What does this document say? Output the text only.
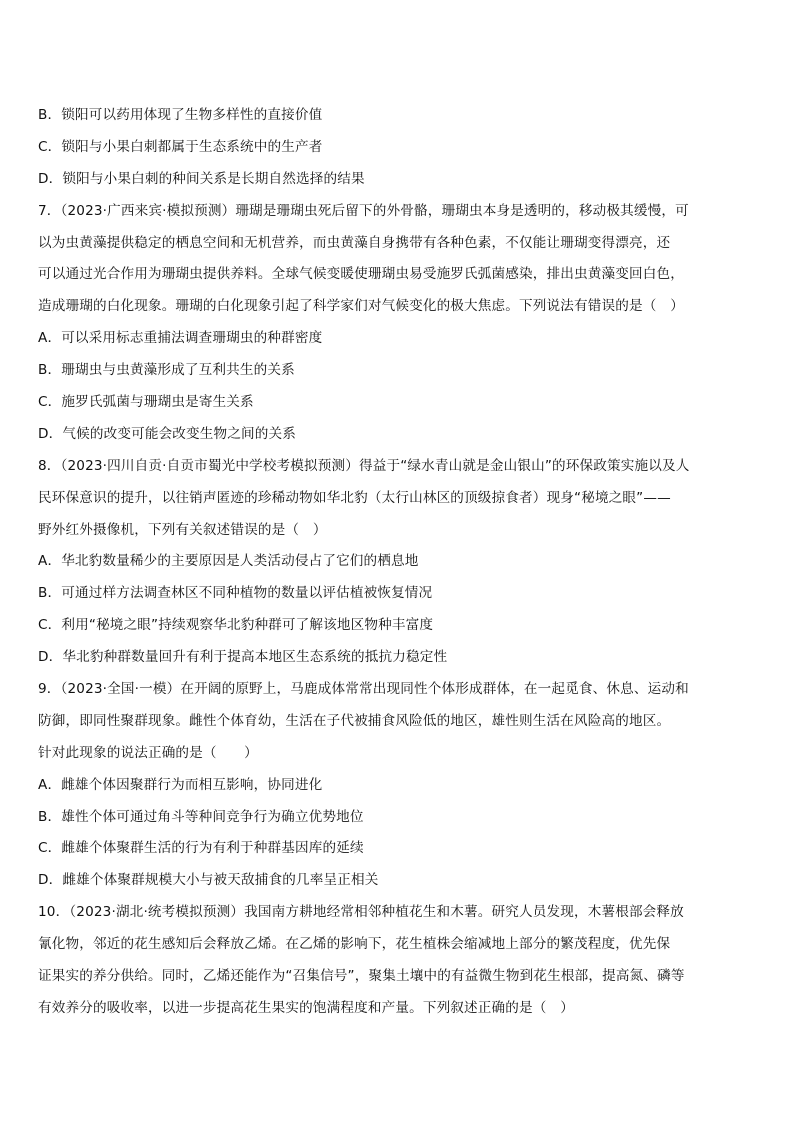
B．锁阳可以药用体现了生物多样性的直接价值
C．锁阳与小果白刺都属于生态系统中的生产者
D．锁阳与小果白刺的种间关系是长期自然选择的结果
7．（2023·广西来宾·模拟预测）珊瑚是珊瑚虫死后留下的外骨骼，珊瑚虫本身是透明的，移动极其缓慢，可
以为虫黄藻提供稳定的栖息空间和无机营养，而虫黄藻自身携带有各种色素，不仅能让珊瑚变得漂亮，还
可以通过光合作用为珊瑚虫提供养料。全球气候变暖使珊瑚虫易受施罗氏弧菌感染，排出虫黄藻变回白色，
造成珊瑚的白化现象。珊瑚的白化现象引起了科学家们对气候变化的极大焦虑。下列说法有错误的是（　）
A．可以采用标志重捕法调查珊瑚虫的种群密度
B．珊瑚虫与虫黄藻形成了互利共生的关系
C．施罗氏弧菌与珊瑚虫是寄生关系
D．气候的改变可能会改变生物之间的关系
8．（2023·四川自贡·自贡市蜀光中学校考模拟预测）得益于“绿水青山就是金山银山”的环保政策实施以及人
民环保意识的提升，以往销声匿迹的珍稀动物如华北豹（太行山林区的顶级掠食者）现身“秘境之眼”——
野外红外摄像机，下列有关叙述错误的是（　）
A．华北豹数量稀少的主要原因是人类活动侵占了它们的栖息地
B．可通过样方法调查林区不同种植物的数量以评估植被恢复情况
C．利用“秘境之眼”持续观察华北豹种群可了解该地区物种丰富度
D．华北豹种群数量回升有利于提高本地区生态系统的抵抗力稳定性
9．（2023·全国·一模）在开阔的原野上，马鹿成体常常出现同性个体形成群体，在一起觅食、休息、运动和
防御，即同性聚群现象。雌性个体育幼，生活在子代被捕食风险低的地区，雄性则生活在风险高的地区。
针对此现象的说法正确的是（　　）
A．雌雄个体因聚群行为而相互影响，协同进化
B．雄性个体可通过角斗等种间竞争行为确立优势地位
C．雌雄个体聚群生活的行为有利于种群基因库的延续
D．雌雄个体聚群规模大小与被天敌捕食的几率呈正相关
10．（2023·湖北·统考模拟预测）我国南方耕地经常相邻种植花生和木薯。研究人员发现，木薯根部会释放
氰化物，邻近的花生感知后会释放乙烯。在乙烯的影响下，花生植株会缩减地上部分的繁茂程度，优先保
证果实的养分供给。同时，乙烯还能作为“召集信号”，聚集土壤中的有益微生物到花生根部，提高氮、磷等
有效养分的吸收率，以进一步提高花生果实的饱满程度和产量。下列叙述正确的是（　）
